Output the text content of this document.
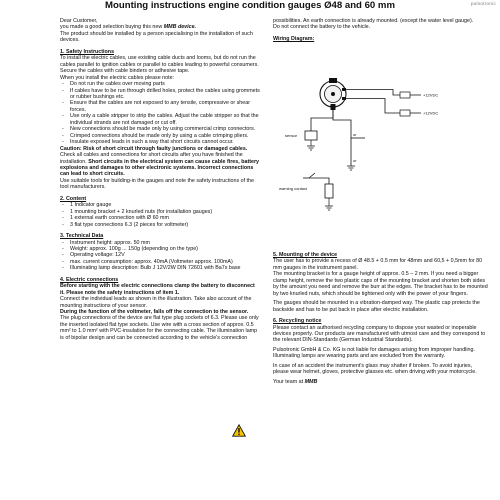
Mounting instructions engine condition gauges Ø48 and 60 mm	pulsotronic

Dear Customer,

you made a good selection buying this new MMB device.

The product should be installed by a person specialising in the installation of such devices.

1. Safety Instructions

To install the electric cables, use existing cable ducts and looms, but do not run the cables parallel to ignition cables or parallel to cables leading to powerful consumers.

Secure the cables with cable binders or adhesive tape.

When you install the electric cables please note:

- Do not run the cables over moving parts
- If cables have to be run through drilled holes, protect the cables using grommets or rubber bushings etc.
- Ensure that the cables are not exposed to any tensile, compressive or shear forces.
- Use only a cable stripper to strip the cables. Adjust the cable stripper so that the individual strands are not damaged or cut off.
- New connections should be made only by using commercial crimp connectors.
- Crimped connections should be made only by using a cable crimping pliers.
- Insulate exposed leads in such a way that short circuits cannot occur.

Caution: Risk of short circuit through faulty junctions or damaged cables.

Check all cables and connections for short circuits after you have finished the installation. Short circuits in the electrical system can cause cable fires, battery explosions and damages to other electronic systems. Incorrect connections can lead to short circuits.

Use suitable tools for building-in the gauges and note the safety instructions of the tool manufacturers.

2. Content

- 1 Indicator gauge
- 1 mounting bracket + 2 knurled nuts (for installation gauges)
- 1 external earth connection with Ø 60 mm
- 3 flat type connections 6.3 (2 pieces for voltmeter)

3. Technical Data

- Instrument height: approx. 50 mm
- Weight: approx. 100g ... 150g (depending on the type)
- Operating voltage: 12V
- max. current consumption: approx. 40mA (Voltmeter approx. 100mA)
- Illuminating lamp description: Bulb J 12V/2W DIN 72601 with Ba7s base

4. Electric connections

Before starting with the electric connections clamp the battery to disconnect it. Please note the safety instructions of item 1.

Connect the individual leads as shown in the illustration. Take also account of the mounting instructions of your sensor.

During the function of the voltmeter, falls off the connection to the sensor.

The plug connections of the device are flat type plug sockets of 6.3. Please use only the inserted isolated flat type sockets. Use wire with a cross section of approx. 0.5 mm² to 1.0 mm² with PVC-insulation for the connecting cable. The illumination lamp is of bipolar design and can be connected according to the vehicle's connection

possibilities. An earth connection is already mounted. (except the water level gauge).

Do not connect the battery to the vehicle.

Wiring Diagram:

+12VDC
+12VDC
sensor	or
or
warning contact

5. Mounting of the device

The user has to provide a recess of Ø 48.5 + 0.5 mm for 48mm and 60,5 + 0,5mm for 80 mm gauges in the instrument panel.

The mounting bracket is for a gauge height of approx. 0.5 – 2 mm. If you need a bigger clamp height, remove the two plastic caps of the mounting bracket and shorten both sides by the amount you need and remove the burr at the edges. The bracket has to be mounted by two knurled nuts, which should be tightened only with the power of your fingers.

The gauges should be mounted in a vibration-damped way. The plastic cap protects the backside and has to be put back in place after electric installation.

6. Recycling notice

Please contact an authorised recycling company to dispose your wasted or inoperable devices properly. Our products are manufactured with utmost care and they correspond to the relevant DIN-Standards (German Industrial Standards).

Pulsotronic GmbH & Co. KG is not liable for damages arising from improper handling. Illuminating lamps are wearing parts and are excluded from the warranty.

In case of an accident the instrument's glass may shatter if broken. To avoid injuries, please wear helmet, gloves, protective glasses etc. when driving with your motorcycle.

Your team at MMB
